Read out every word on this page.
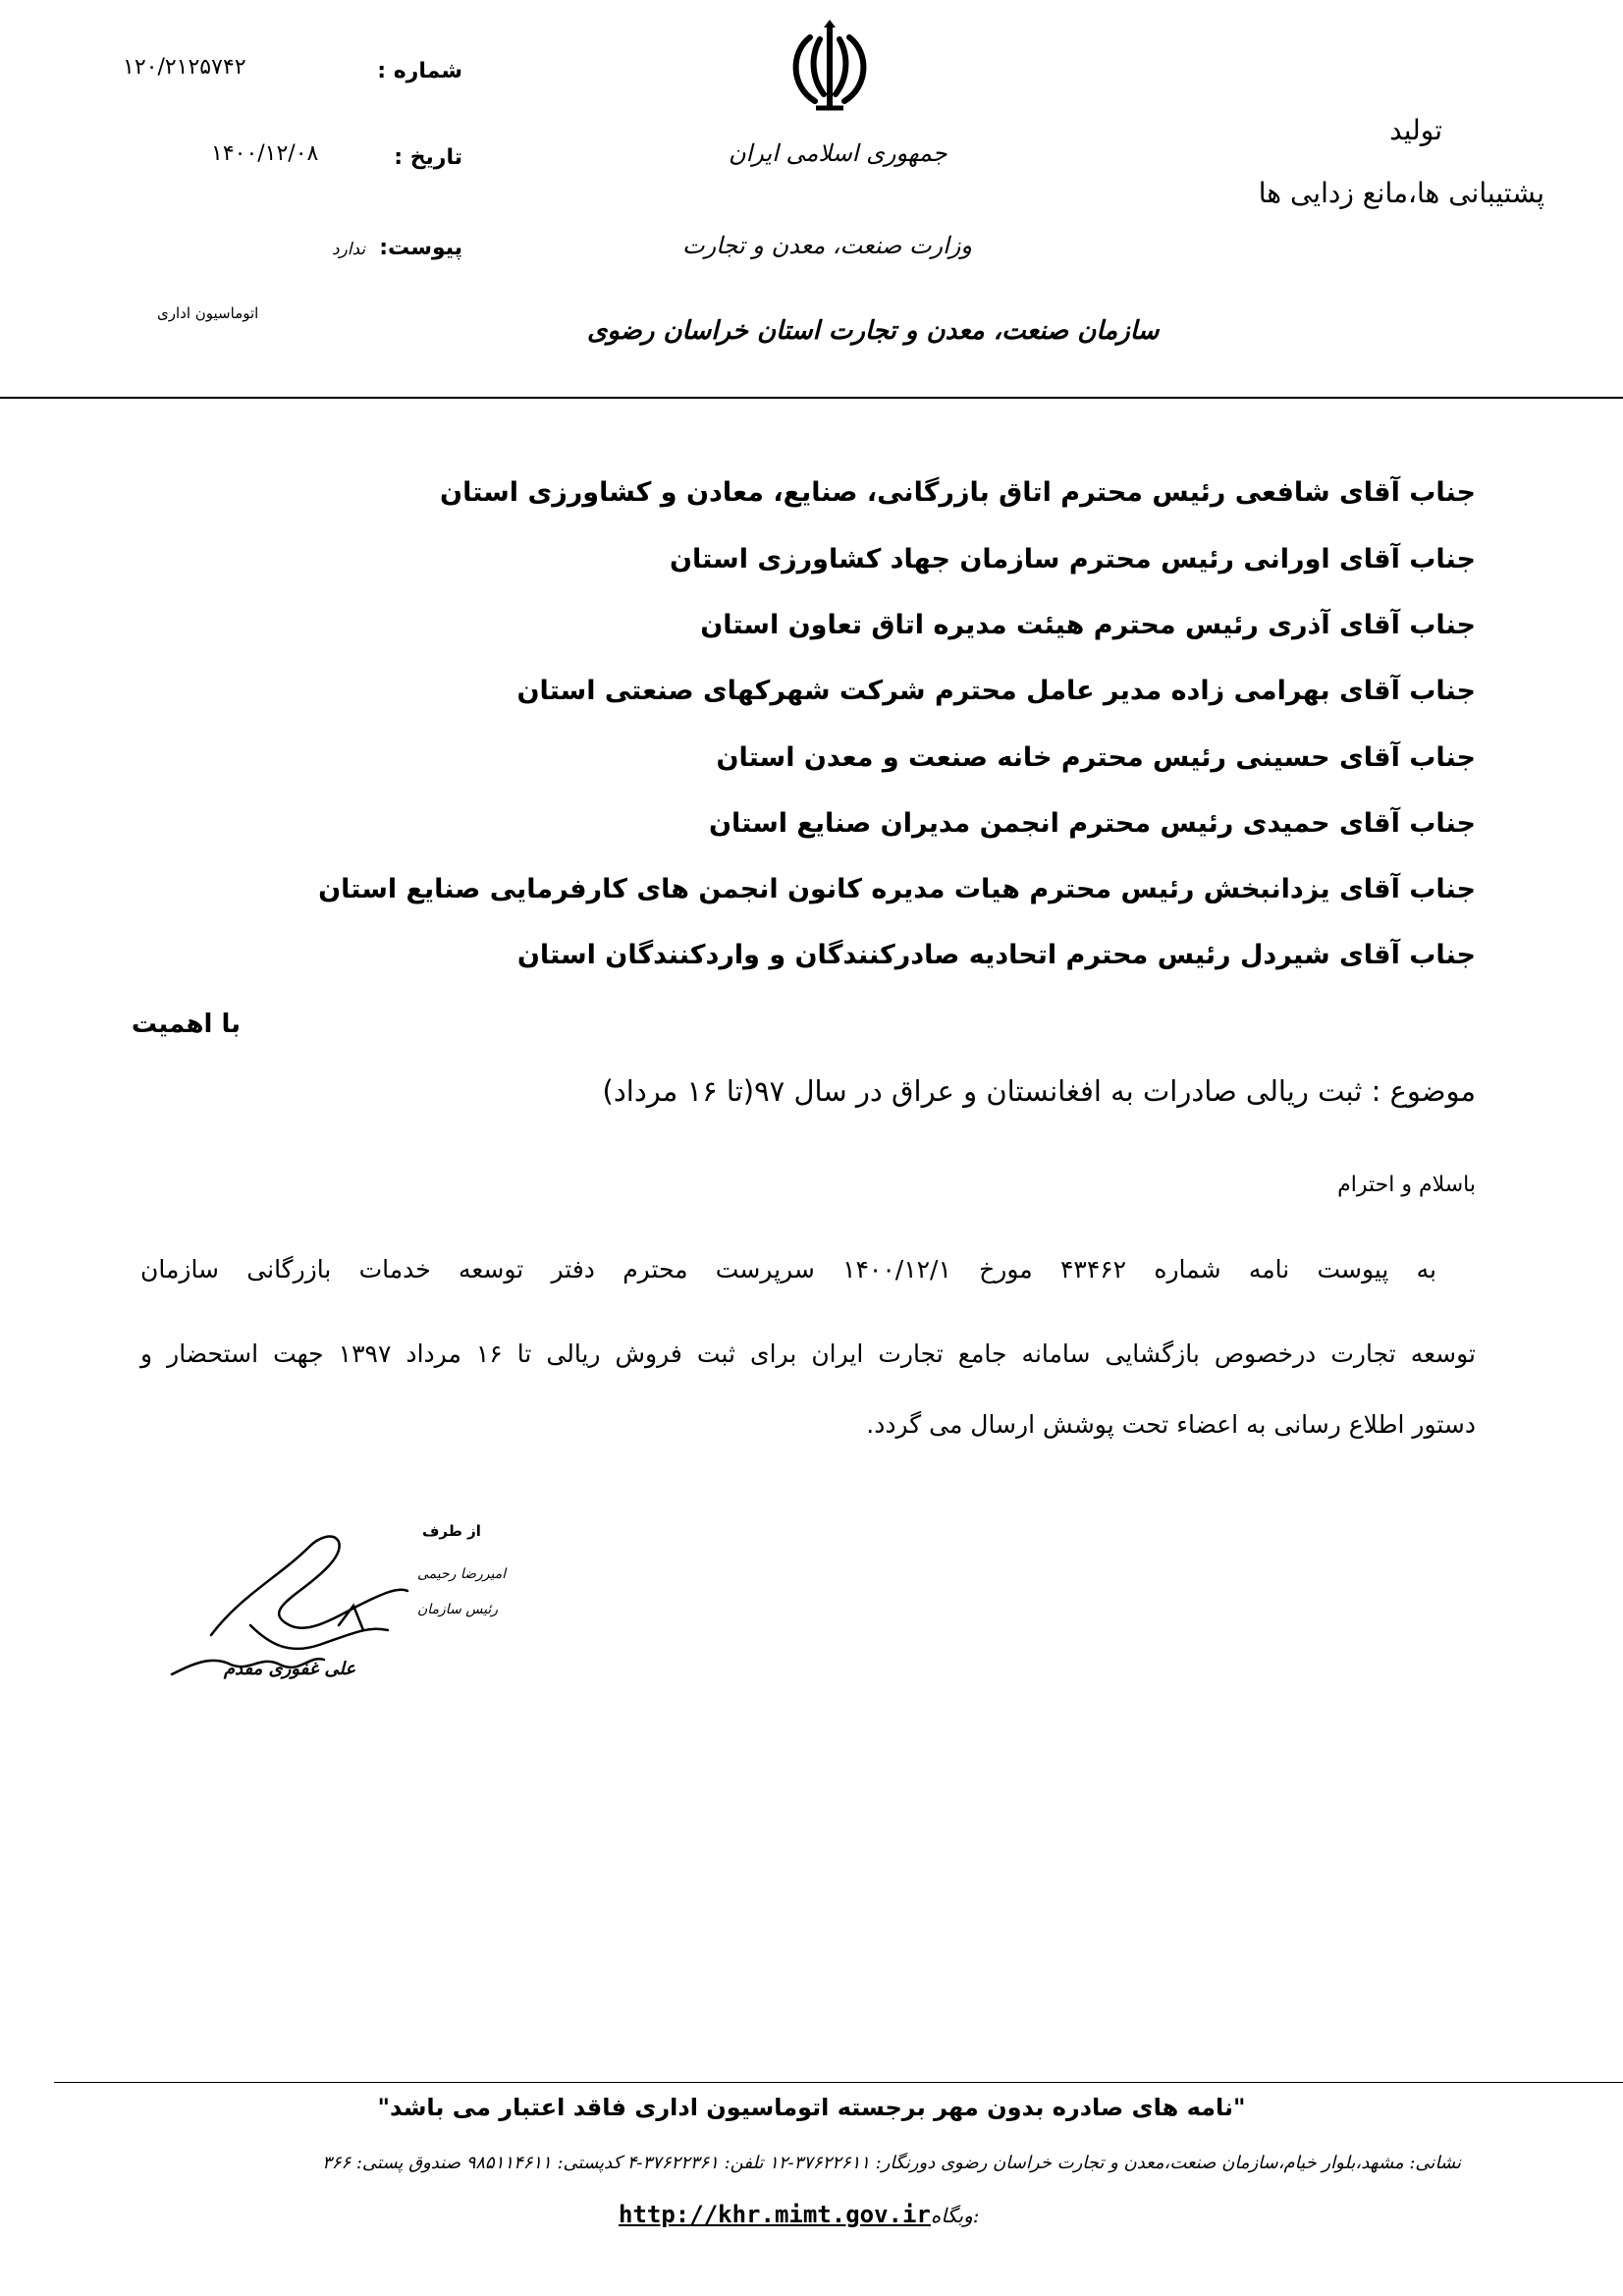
شماره :
۱۲۰/۲۱۲۵۷۴۲
تاریخ :
۱۴۰۰/۱۲/۰۸
پیوست:
ندارد
اتوماسیون اداری
جمهوری اسلامی ایران
وزارت صنعت، معدن و تجارت
سازمان صنعت، معدن و تجارت استان خراسان رضوی
تولید
پشتیبانی ها،مانع زدایی ها
جناب آقای شافعی رئیس محترم اتاق بازرگانی، صنایع، معادن و کشاورزی استان
جناب آقای اورانی رئیس محترم سازمان جهاد کشاورزی استان
جناب آقای آذری رئیس محترم هیئت مدیره اتاق تعاون استان
جناب آقای بهرامی زاده مدیر عامل محترم شرکت شهرکهای صنعتی استان
جناب آقای حسینی رئیس محترم خانه صنعت و معدن استان
جناب آقای حمیدی رئیس محترم انجمن مدیران صنایع استان
جناب آقای یزدانبخش رئیس محترم هیات مدیره کانون انجمن های کارفرمایی صنایع استان
جناب آقای شیردل رئیس محترم اتحادیه صادرکنندگان و واردکنندگان استان
با اهمیت
موضوع : ثبت ریالی صادرات به افغانستان و عراق در سال ۹۷(تا ۱۶ مرداد)
باسلام و احترام
به پیوست نامه شماره ۴۳۴۶۲ مورخ ۱۴۰۰/۱۲/۱ سرپرست محترم دفتر توسعه خدمات بازرگانی سازمان
توسعه تجارت درخصوص بازگشایی سامانه جامع تجارت ایران برای ثبت فروش ریالی تا ۱۶ مرداد ۱۳۹۷ جهت استحضار و
دستور اطلاع رسانی به اعضاء تحت پوشش ارسال می گردد.
از طرف
امیررضا رحیمی
رئیس سازمان
علی غفوری مقدم
"نامه های صادره بدون مهر برجسته اتوماسیون اداری فاقد اعتبار می باشد"
نشانی: مشهد،بلوار خیام،سازمان صنعت،معدن و تجارت خراسان رضوی دورنگار: ۳۷۶۲۲۶۱۱-۱۲ تلفن: ۳۷۶۲۲۳۶۱-۴ کدپستی: ۹۸۵۱۱۴۶۱۱ صندوق پستی: ۳۶۶
http://khr.mimt.gov.irوبگاه:
